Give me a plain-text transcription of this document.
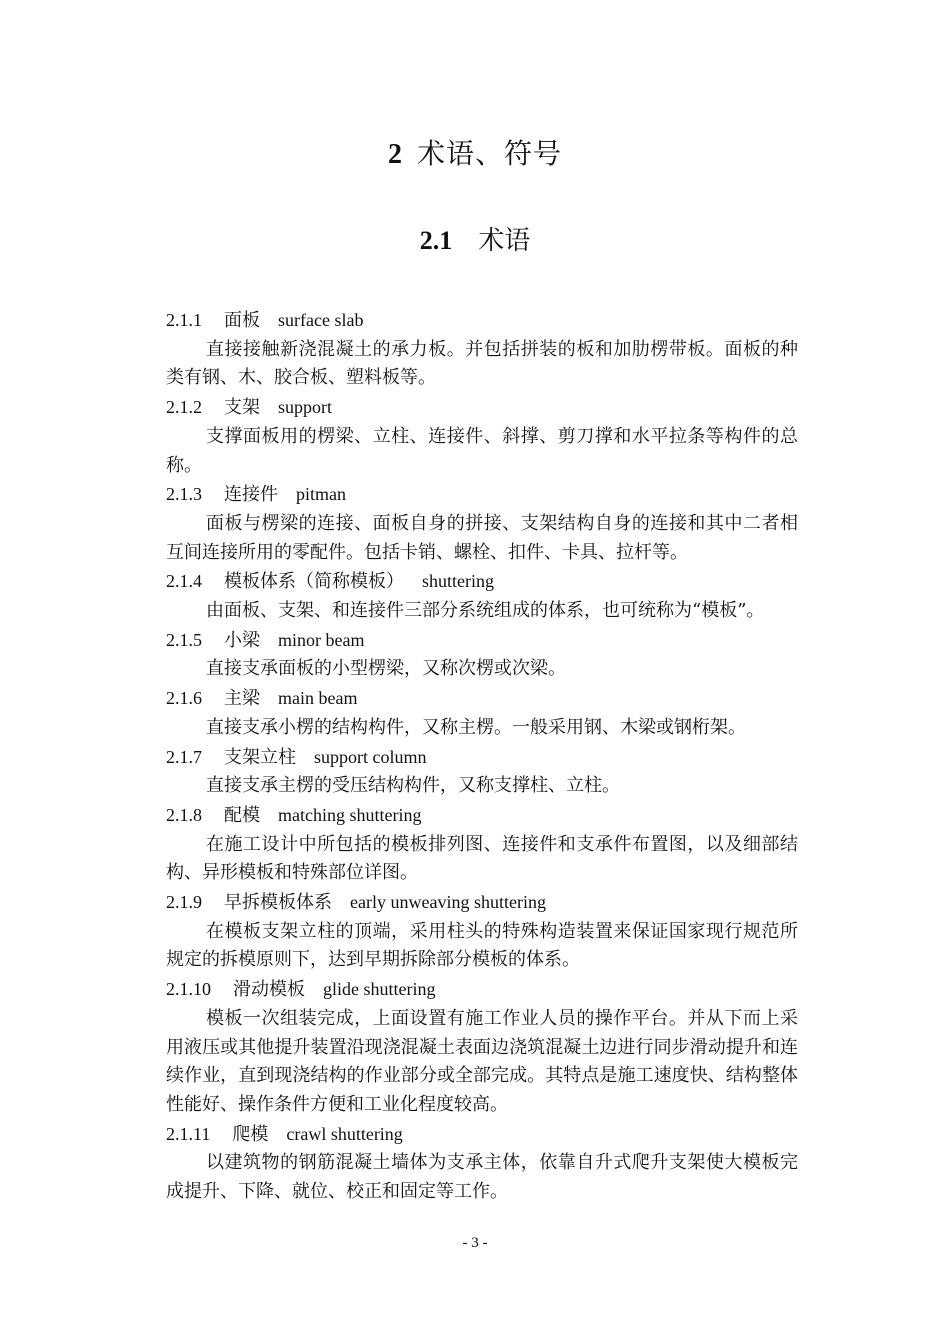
2 术语、符号
2.1 术语
2.1.1 面板 surface slab
直接接触新浇混凝土的承力板。并包括拼装的板和加肋楞带板。面板的种类有钢、木、胶合板、塑料板等。
2.1.2 支架 support
支撑面板用的楞梁、立柱、连接件、斜撑、剪刀撑和水平拉条等构件的总称。
2.1.3 连接件 pitman
面板与楞梁的连接、面板自身的拼接、支架结构自身的连接和其中二者相互间连接所用的零配件。包括卡销、螺栓、扣件、卡具、拉杆等。
2.1.4 模板体系（简称模板） shuttering
由面板、支架、和连接件三部分系统组成的体系，也可统称为“模板”。
2.1.5 小梁 minor beam
直接支承面板的小型楞梁，又称次楞或次梁。
2.1.6 主梁 main beam
直接支承小楞的结构构件，又称主楞。一般采用钢、木梁或钢桁架。
2.1.7 支架立柱 support column
直接支承主楞的受压结构构件，又称支撑柱、立柱。
2.1.8 配模 matching shuttering
在施工设计中所包括的模板排列图、连接件和支承件布置图，以及细部结构、异形模板和特殊部位详图。
2.1.9 早拆模板体系 early unweaving shuttering
在模板支架立柱的顶端，采用柱头的特殊构造装置来保证国家现行规范所规定的拆模原则下，达到早期拆除部分模板的体系。
2.1.10 滑动模板 glide shuttering
模板一次组装完成，上面设置有施工作业人员的操作平台。并从下而上采用液压或其他提升装置沿现浇混凝土表面边浇筑混凝土边进行同步滑动提升和连续作业，直到现浇结构的作业部分或全部完成。其特点是施工速度快、结构整体性能好、操作条件方便和工业化程度较高。
2.1.11 爬模 crawl shuttering
以建筑物的钢筋混凝土墙体为支承主体，依靠自升式爬升支架使大模板完成提升、下降、就位、校正和固定等工作。
- 3 -
